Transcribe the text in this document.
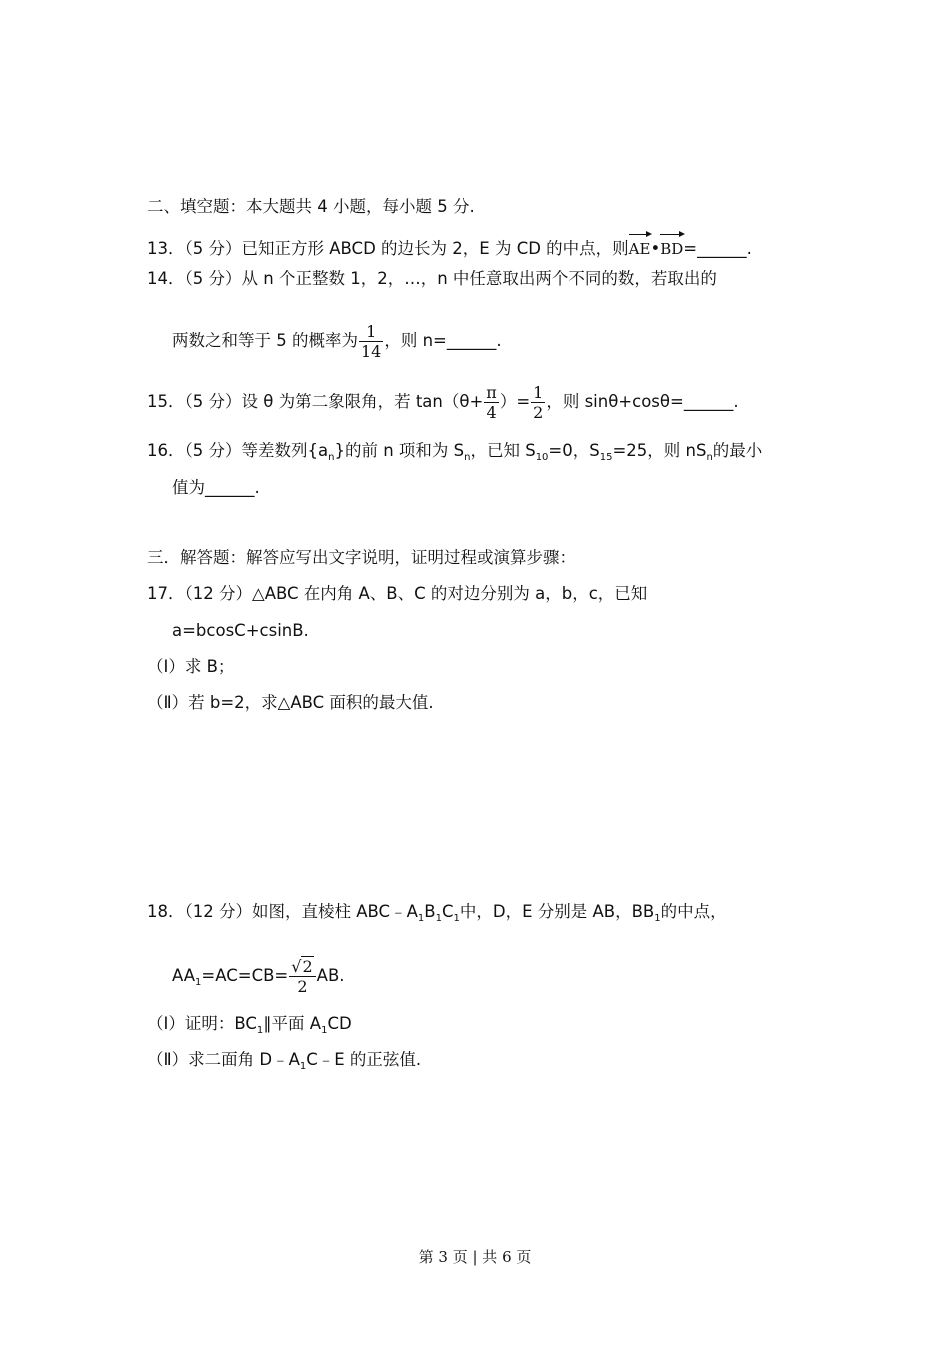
二、填空题：本大题共 4 小题，每小题 5 分.
13．（5 分）已知正方形 ABCD 的边长为 2，E 为 CD 的中点，则
AE•
BD=______.
14．（5 分）从 n 个正整数 1，2，…，n 中任意取出两个不同的数，若取出的
两数之和等于 5 的概率为 $\frac{1}{14}$ ，则 n=______.
15．（5 分）设 θ 为第二象限角，若 $\tan(\theta+ \frac{\pi}{4}$ ）= $\frac{1}{2}$ ，则 sinθ+cosθ=______.
16．（5 分）等差数列$\{a_n\}$的前 n 项和为 $S_n$，已知 $S_{10}=0$，$S_{15}=25$，则 $nS_n$的最小
值为______.
三．解答题：解答应写出文字说明，证明过程或演算步骤：
17．（12 分）△ABC 在内角 A、B、C 的对边分别为 a，b，c，已知
a=bcosC+csinB.
（Ⅰ）求 B；
（Ⅱ）若 b=2，求△ABC 面积的最大值.
18．（12 分）如图，直棱柱 $ABC﹣A_1B_1C_1$中，D，E 分别是 AB，$BB_1$的中点，
$AA_1=AC=CB= \frac{√2}{2}$ AB.
（Ⅰ）证明：$BC_1\parallel$平面 $A_1CD$
（Ⅱ）求二面角 $D﹣A_1C﹣E$ 的正弦值.
第 3 页 | 共 6 页
